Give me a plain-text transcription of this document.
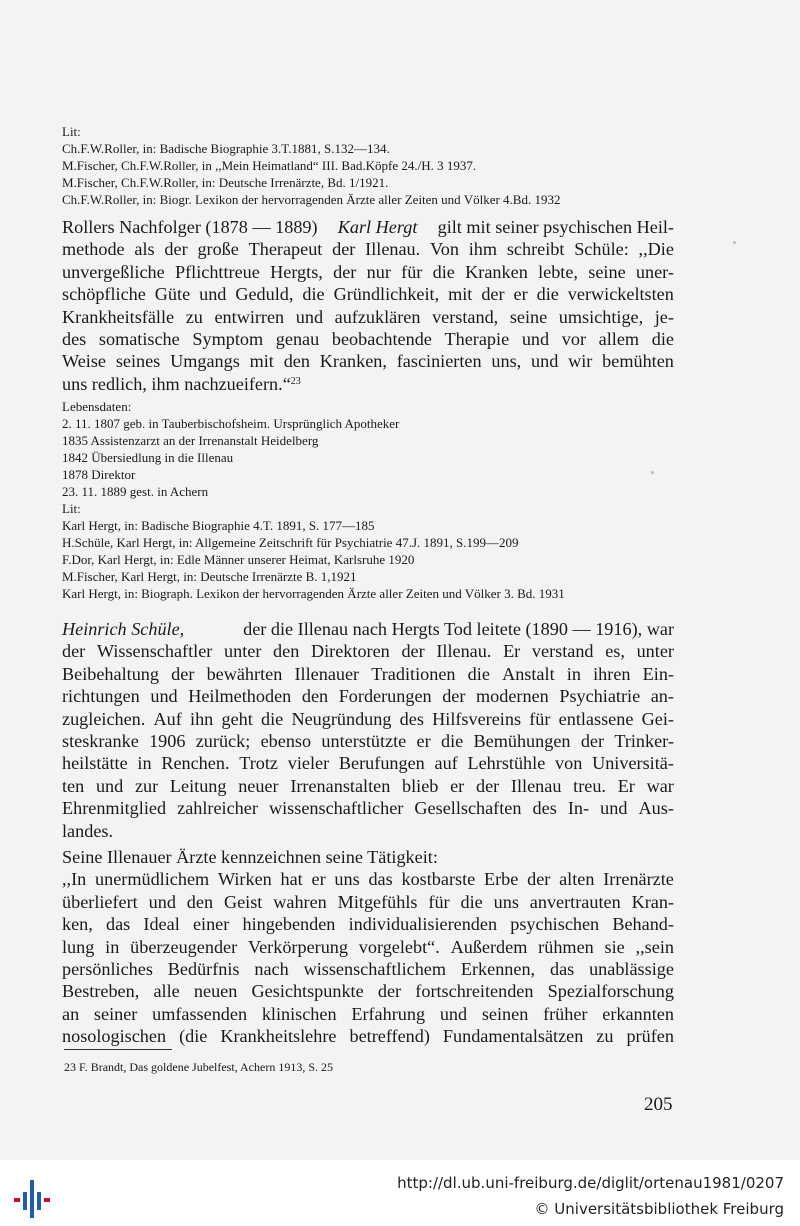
Lit:
Ch.F.W.Roller, in: Badische Biographie 3.T.1881, S.132—134.
M.Fischer, Ch.F.W.Roller, in ,,Mein Heimatland“ III. Bad.Köpfe 24./H. 3 1937.
M.Fischer, Ch.F.W.Roller, in: Deutsche Irrenärzte, Bd. 1/1921.
Ch.F.W.Roller, in: Biogr. Lexikon der hervorragenden Ärzte aller Zeiten und Völker 4.Bd. 1932
Rollers Nachfolger (1878 — 1889) Karl Hergt gilt mit seiner psychischen Heil-
methode als der große Therapeut der Illenau. Von ihm schreibt Schüle: ,,Die
unvergeßliche Pflichttreue Hergts, der nur für die Kranken lebte, seine uner-
schöpfliche Güte und Geduld, die Gründlichkeit, mit der er die verwickeltsten
Krankheitsfälle zu entwirren und aufzuklären verstand, seine umsichtige, je-
des somatische Symptom genau beobachtende Therapie und vor allem die
Weise seines Umgangs mit den Kranken, fascinierten uns, und wir bemühten
uns redlich, ihm nachzueifern.“$^{23}$
Lebensdaten:
2. 11. 1807 geb. in Tauberbischofsheim. Ursprünglich Apotheker
1835 Assistenzarzt an der Irrenanstalt Heidelberg
1842 Übersiedlung in die Illenau
1878 Direktor
23. 11. 1889 gest. in Achern
Lit:
Karl Hergt, in: Badische Biographie 4.T. 1891, S. 177—185
H.Schüle, Karl Hergt, in: Allgemeine Zeitschrift für Psychiatrie 47.J. 1891, S.199—209
F.Dor, Karl Hergt, in: Edle Männer unserer Heimat, Karlsruhe 1920
M.Fischer, Karl Hergt, in: Deutsche Irrenärzte B. 1,1921
Karl Hergt, in: Biograph. Lexikon der hervorragenden Ärzte aller Zeiten und Völker 3. Bd. 1931
Heinrich Schüle,	der die Illenau nach Hergts Tod leitete (1890 — 1916), war
der Wissenschaftler unter den Direktoren der Illenau. Er verstand es, unter
Beibehaltung der bewährten Illenauer Traditionen die Anstalt in ihren Ein-
richtungen und Heilmethoden den Forderungen der modernen Psychiatrie an-
zugleichen. Auf ihn geht die Neugründung des Hilfsvereins für entlassene Gei-
steskranke 1906 zurück; ebenso unterstützte er die Bemühungen der Trinker-
heilstätte in Renchen. Trotz vieler Berufungen auf Lehrstühle von Universitä-
ten und zur Leitung neuer Irrenanstalten blieb er der Illenau treu. Er war
Ehrenmitglied zahlreicher wissenschaftlicher Gesellschaften des In- und Aus-
landes.
Seine Illenauer Ärzte kennzeichnen seine Tätigkeit:
,,In unermüdlichem Wirken hat er uns das kostbarste Erbe der alten Irrenärzte
überliefert und den Geist wahren Mitgefühls für die uns anvertrauten Kran-
ken, das Ideal einer hingebenden individualisierenden psychischen Behand-
lung in überzeugender Verkörperung vorgelebt“. Außerdem rühmen sie ,,sein
persönliches Bedürfnis nach wissenschaftlichem Erkennen, das unablässige
Bestreben, alle neuen Gesichtspunkte der fortschreitenden Spezialforschung
an seiner umfassenden klinischen Erfahrung und seinen früher erkannten
nosologischen (die Krankheitslehre betreffend) Fundamentalsätzen zu prüfen
23 F. Brandt, Das goldene Jubelfest, Achern 1913, S. 25
205
http://dl.ub.uni-freiburg.de/diglit/ortenau1981/0207
© Universitätsbibliothek Freiburg
